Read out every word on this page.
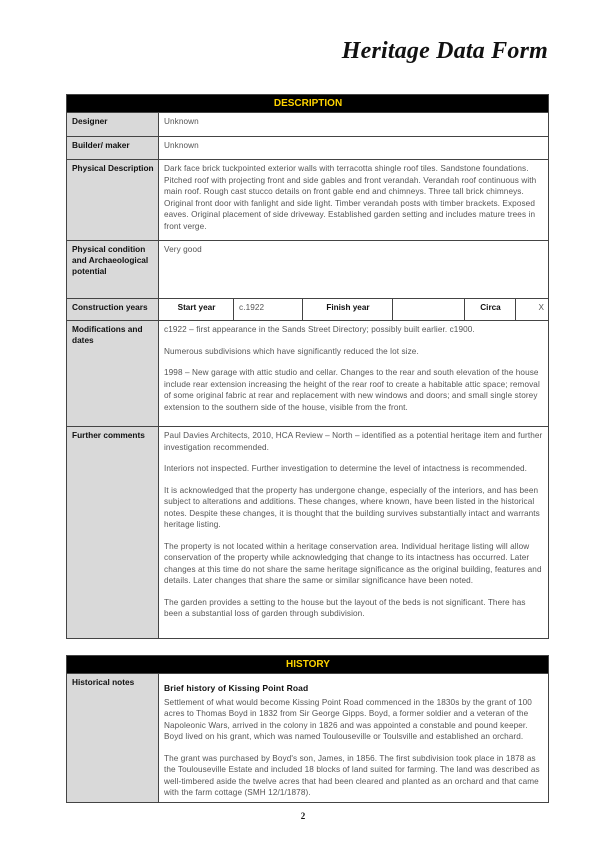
Heritage Data Form
DESCRIPTION						
Designer	Unknown					
Builder/ maker	Unknown					
Physical Description	Dark face brick tuckpointed exterior walls with terracotta shingle roof tiles. Sandstone foundations. Pitched roof with projecting front and side gables and front verandah. Verandah roof continuous with main roof. Rough cast stucco details on front gable end and chimneys. Three tall brick chimneys. Original front door with fanlight and side light. Timber verandah posts with timber brackets. Exposed eaves. Original placement of side driveway. Established garden setting and includes mature trees in front verge.					
Physical condition and Archaeological potential	Very good					
Construction years	Start year	c.1922	Finish year		Circa	X
Modifications and dates	c1922 – first appearance in the Sands Street Directory; possibly built earlier. c1900.

Numerous subdivisions which have significantly reduced the lot size.

1998 – New garage with attic studio and cellar. Changes to the rear and south elevation of the house include rear extension increasing the height of the rear roof to create a habitable attic space; removal of some original fabric at rear and replacement with new windows and doors; and small single storey extension to the southern side of the house, visible from the front.					

Further comments	Paul Davies Architects, 2010, HCA Review – North – identified as a potential heritage item and further investigation recommended.

Interiors not inspected. Further investigation to determine the level of intactness is recommended.

It is acknowledged that the property has undergone change, especially of the interiors, and has been subject to alterations and additions. These changes, where known, have been listed in the historical notes. Despite these changes, it is thought that the building survives substantially intact and warrants heritage listing.

The property is not located within a heritage conservation area. Individual heritage listing will allow conservation of the property while acknowledging that change to its intactness has occurred. Later changes at this time do not share the same heritage significance as the original building, features and details. Later changes that share the same or similar significance have been noted.

The garden provides a setting to the house but the layout of the beds is not significant. There has been a substantial loss of garden through subdivision.					

HISTORY
Historical notes	
Brief history of Kissing Point Road

Settlement of what would become Kissing Point Road commenced in the 1830s by the grant of 100 acres to Thomas Boyd in 1832 from Sir George Gipps. Boyd, a former soldier and a veteran of the Napoleonic Wars, arrived in the colony in 1826 and was appointed a constable and pound keeper. Boyd lived on his grant, which was named Toulouseville or Toulsville and established an orchard.

The grant was purchased by Boyd's son, James, in 1856. The first subdivision took place in 1878 as the Toulouseville Estate and included 18 blocks of land suited for farming. The land was described as well-timbered aside the twelve acres that had been cleared and planted as an orchard and that came with the farm cottage (SMH 12/1/1878).

2
